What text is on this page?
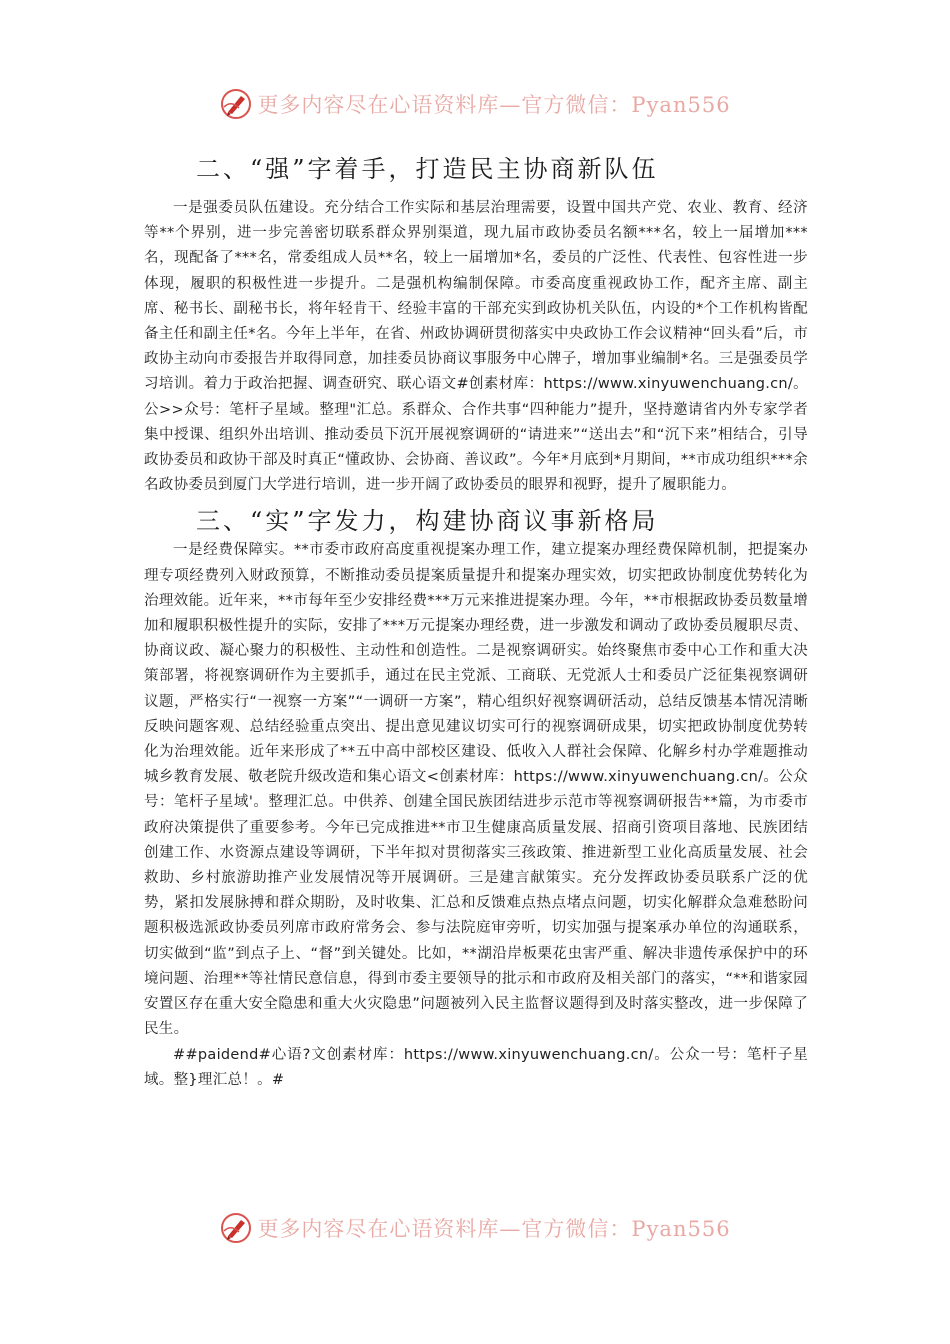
更多内容尽在心语资料库—官方微信：Pyan556
二、“强”字着手，打造民主协商新队伍

一是强委员队伍建设。充分结合工作实际和基层治理需要，设置中国共产党、农业、教育、经济等**个界别，进一步完善密切联系群众界别渠道，现九届市政协委员名额***名，较上一届增加***名，现配备了***名，常委组成人员**名，较上一届增加*名，委员的广泛性、代表性、包容性进一步体现，履职的积极性进一步提升。二是强机构编制保障。市委高度重视政协工作，配齐主席、副主席、秘书长、副秘书长，将年轻肯干、经验丰富的干部充实到政协机关队伍，内设的*个工作机构皆配备主任和副主任*名。今年上半年，在省、州政协调研贯彻落实中央政协工作会议精神“回头看”后，市政协主动向市委报告并取得同意，加挂委员协商议事服务中心牌子，增加事业编制*名。三是强委员学习培训。着力于政治把握、调查研究、联心语文#创素材库：https://www.xinyuwenchuang.cn/。公>>众号：笔杆子星域。整理"汇总。系群众、合作共事“四种能力”提升，坚持邀请省内外专家学者集中授课、组织外出培训、推动委员下沉开展视察调研的“请进来”“送出去”和“沉下来”相结合，引导政协委员和政协干部及时真正“懂政协、会协商、善议政”。今年*月底到*月期间，**市成功组织***余名政协委员到厦门大学进行培训，进一步开阔了政协委员的眼界和视野，提升了履职能力。

三、“实”字发力，构建协商议事新格局

一是经费保障实。**市委市政府高度重视提案办理工作，建立提案办理经费保障机制，把提案办理专项经费列入财政预算，不断推动委员提案质量提升和提案办理实效，切实把政协制度优势转化为治理效能。近年来，**市每年至少安排经费***万元来推进提案办理。今年，**市根据政协委员数量增加和履职积极性提升的实际，安排了***万元提案办理经费，进一步激发和调动了政协委员履职尽责、协商议政、凝心聚力的积极性、主动性和创造性。二是视察调研实。始终聚焦市委中心工作和重大决策部署，将视察调研作为主要抓手，通过在民主党派、工商联、无党派人士和委员广泛征集视察调研议题，严格实行“一视察一方案”“一调研一方案”，精心组织好视察调研活动，总结反馈基本情况清晰反映问题客观、总结经验重点突出、提出意见建议切实可行的视察调研成果，切实把政协制度优势转化为治理效能。近年来形成了**五中高中部校区建设、低收入人群社会保障、化解乡村办学难题推动城乡教育发展、敬老院升级改造和集心语文<创素材库：https://www.xinyuwenchuang.cn/。公众号：笔杆子星域'。整理汇总。中供养、创建全国民族团结进步示范市等视察调研报告**篇，为市委市政府决策提供了重要参考。今年已完成推进**市卫生健康高质量发展、招商引资项目落地、民族团结创建工作、水资源点建设等调研，下半年拟对贯彻落实三孩政策、推进新型工业化高质量发展、社会救助、乡村旅游助推产业发展情况等开展调研。三是建言献策实。充分发挥政协委员联系广泛的优势，紧扣发展脉搏和群众期盼，及时收集、汇总和反馈难点热点堵点问题，切实化解群众急难愁盼问题积极选派政协委员列席市政府常务会、参与法院庭审旁听，切实加强与提案承办单位的沟通联系，切实做到“监”到点子上、“督”到关键处。比如，**湖沿岸板栗花虫害严重、解决非遗传承保护中的环境问题、治理**等社情民意信息，得到市委主要领导的批示和市政府及相关部门的落实，“**和谐家园安置区存在重大安全隐患和重大火灾隐患”问题被列入民主监督议题得到及时落实整改，进一步保障了民生。

##paidend#心语?文创素材库：https://www.xinyuwenchuang.cn/。公众一号：笔杆子星域。整}理汇总！。#

更多内容尽在心语资料库—官方微信：Pyan556
